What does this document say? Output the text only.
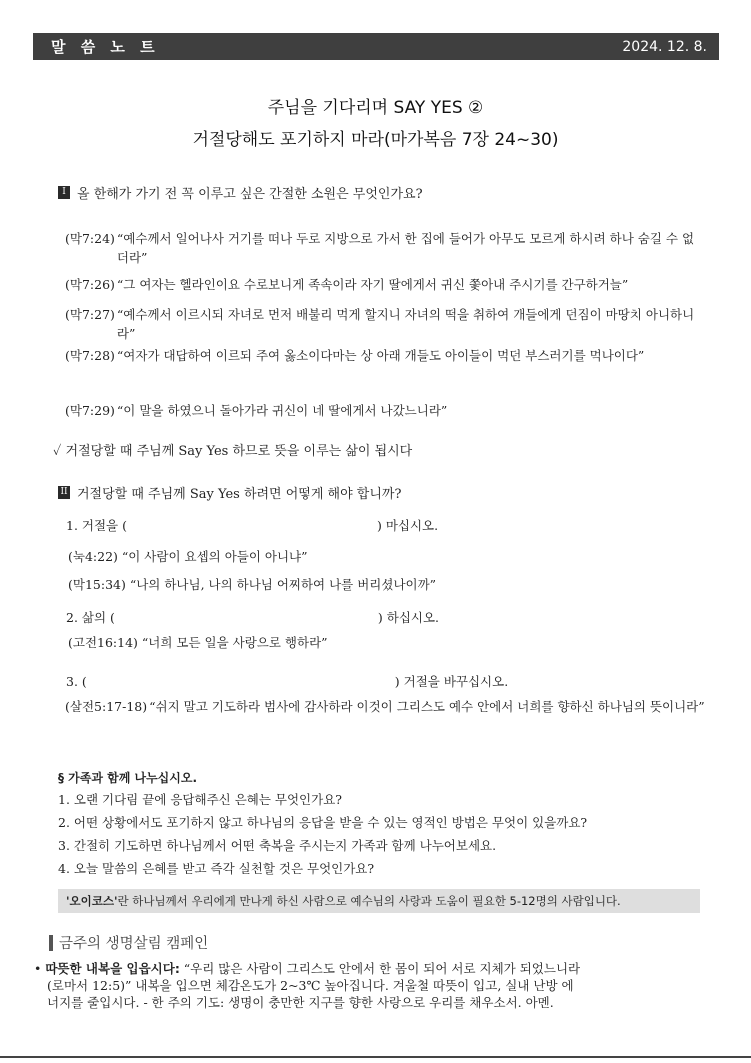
말 씀 노 트	2024. 12. 8.
주님을 기다리며 SAY YES ②
거절당해도 포기하지 마라(마가복음 7장 24~30)
I 올 한해가 가기 전 꼭 이루고 싶은 간절한 소원은 무엇인가요?
(막7:24) “예수께서 일어나사 거기를 떠나 두로 지방으로 가서 한 집에 들어가 아무도 모르게 하시려 하나 숨길 수 없더라”
(막7:26) “그 여자는 헬라인이요 수로보니게 족속이라 자기 딸에게서 귀신 쫓아내 주시기를 간구하거늘”
(막7:27) “예수께서 이르시되 자녀로 먼저 배불리 먹게 할지니 자녀의 떡을 취하여 개들에게 던짐이 마땅치 아니하니라”
(막7:28) “여자가 대답하여 이르되 주여 옳소이다마는 상 아래 개들도 아이들이 먹던 부스러기를 먹나이다”
(막7:29) “이 말을 하였으니 돌아가라 귀신이 네 딸에게서 나갔느니라”
✓ 거절당할 때 주님께 Say Yes 하므로 뜻을 이루는 삶이 됩시다
II 거절당할 때 주님께 Say Yes 하려면 어떻게 해야 합니까?
1. 거절을 (	) 마십시오.
(눅4:22) “이 사람이 요셉의 아들이 아니냐”
(막15:34) “나의 하나님, 나의 하나님 어찌하여 나를 버리셨나이까”
2. 삶의 (	) 하십시오.
(고전16:14) “너희 모든 일을 사랑으로 행하라”
3. (	) 거절을 바꾸십시오.
(살전5:17-18) “쉬지 말고 기도하라 범사에 감사하라 이것이 그리스도 예수 안에서 너희를 향하신 하나님의 뜻이니라”
§ 가족과 함께 나누십시오.
1. 오랜 기다림 끝에 응답해주신 은혜는 무엇인가요?
2. 어떤 상황에서도 포기하지 않고 하나님의 응답을 받을 수 있는 영적인 방법은 무엇이 있을까요?
3. 간절히 기도하면 하나님께서 어떤 축복을 주시는지 가족과 함께 나누어보세요.
4. 오늘 말씀의 은혜를 받고 즉각 실천할 것은 무엇인가요?
'오이코스'란 하나님께서 우리에게 만나게 하신 사람으로 예수님의 사랑과 도움이 필요한 5-12명의 사람입니다.
금주의 생명살림 캠페인
• 따뜻한 내복을 입읍시다: “우리 많은 사람이 그리스도 안에서 한 몸이 되어 서로 지체가 되었느니라
(로마서 12:5)” 내복을 입으면 체감온도가 2~3℃ 높아집니다. 겨울철 따뜻이 입고, 실내 난방 에
너지를 줄입시다. - 한 주의 기도: 생명이 충만한 지구를 향한 사랑으로 우리를 채우소서. 아멘.
